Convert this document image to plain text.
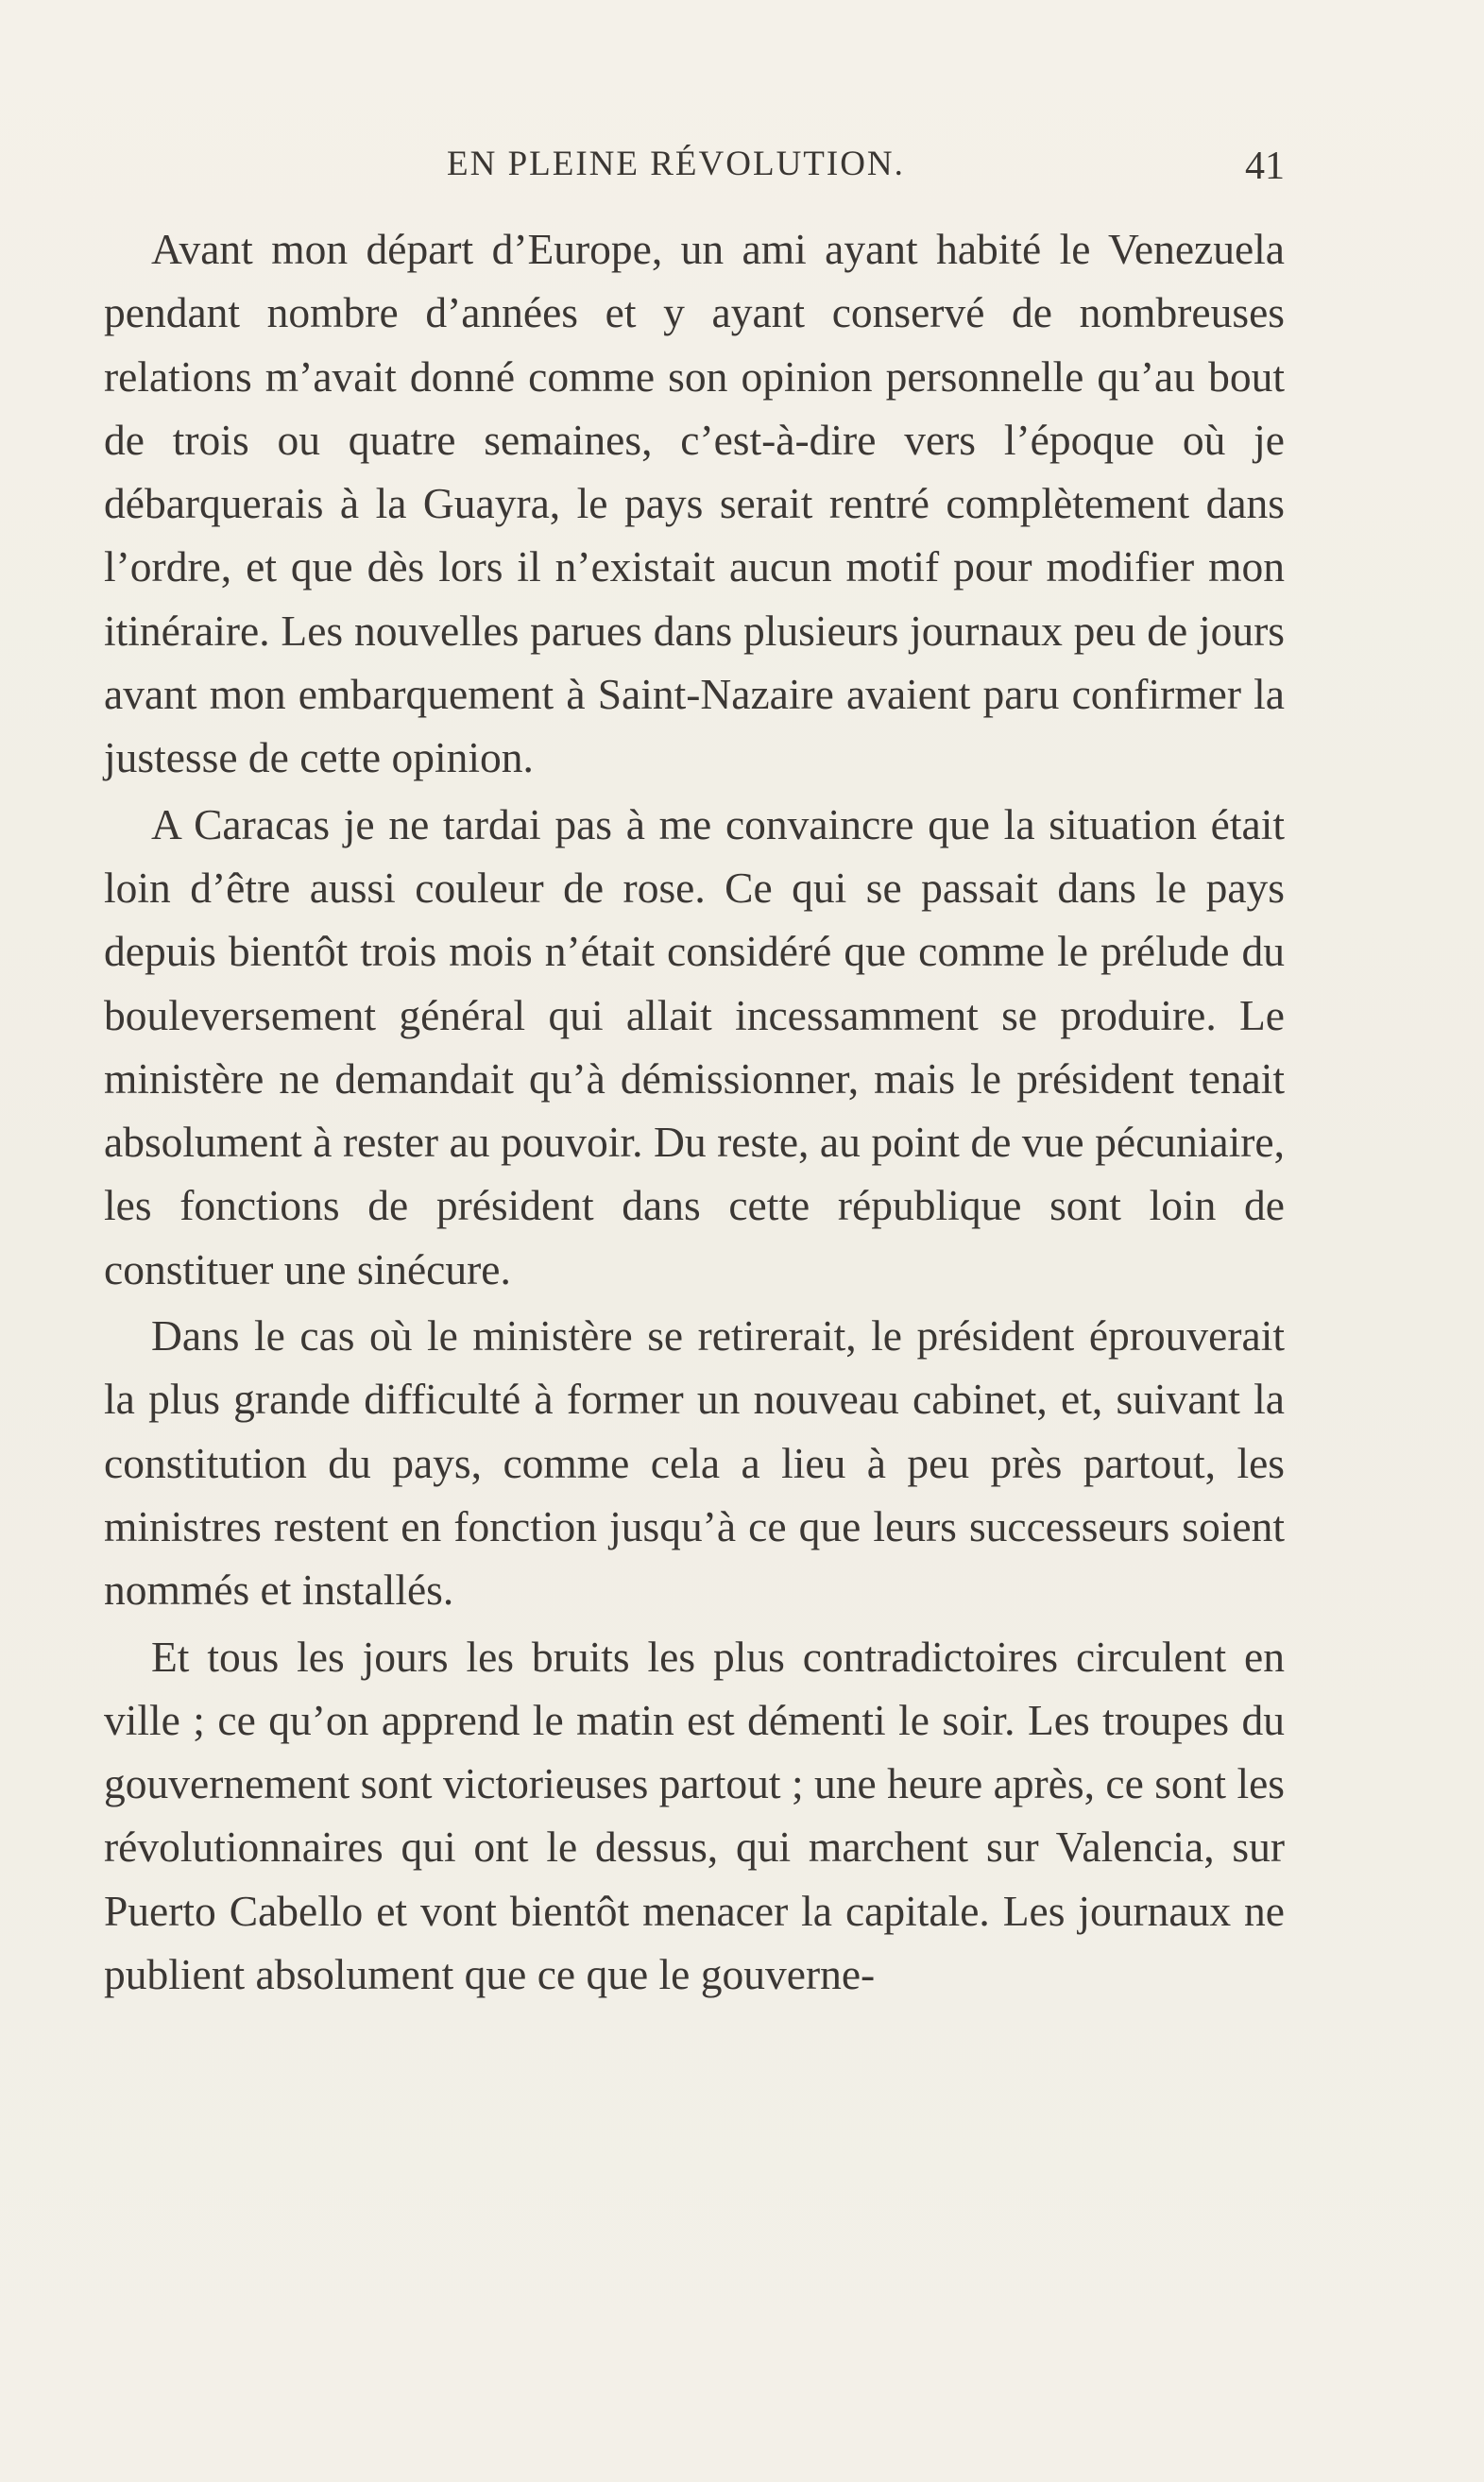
EN PLEINE RÉVOLUTION.	41

Avant mon départ d’Europe, un ami ayant habité le Venezuela pendant nombre d’années et y ayant conservé de nombreuses relations m’avait donné comme son opinion personnelle qu’au bout de trois ou quatre semaines, c’est-à-dire vers l’époque où je débarquerais à la Guayra, le pays serait rentré complètement dans l’ordre, et que dès lors il n’existait aucun motif pour modifier mon itinéraire. Les nouvelles parues dans plusieurs journaux peu de jours avant mon embarquement à Saint-Nazaire avaient paru confirmer la justesse de cette opinion.

A Caracas je ne tardai pas à me convaincre que la situation était loin d’être aussi couleur de rose. Ce qui se passait dans le pays depuis bientôt trois mois n’était considéré que comme le prélude du bouleversement général qui allait incessamment se produire. Le ministère ne demandait qu’à démissionner, mais le président tenait absolument à rester au pouvoir. Du reste, au point de vue pécuniaire, les fonctions de président dans cette république sont loin de constituer une sinécure.

Dans le cas où le ministère se retirerait, le président éprouverait la plus grande difficulté à former un nouveau cabinet, et, suivant la constitution du pays, comme cela a lieu à peu près partout, les ministres restent en fonction jusqu’à ce que leurs successeurs soient nommés et installés.

Et tous les jours les bruits les plus contradictoires circulent en ville ; ce qu’on apprend le matin est démenti le soir. Les troupes du gouvernement sont victorieuses partout ; une heure après, ce sont les révolutionnaires qui ont le dessus, qui marchent sur Valencia, sur Puerto Cabello et vont bientôt menacer la capitale. Les journaux ne publient absolument que ce que le gouverne-
